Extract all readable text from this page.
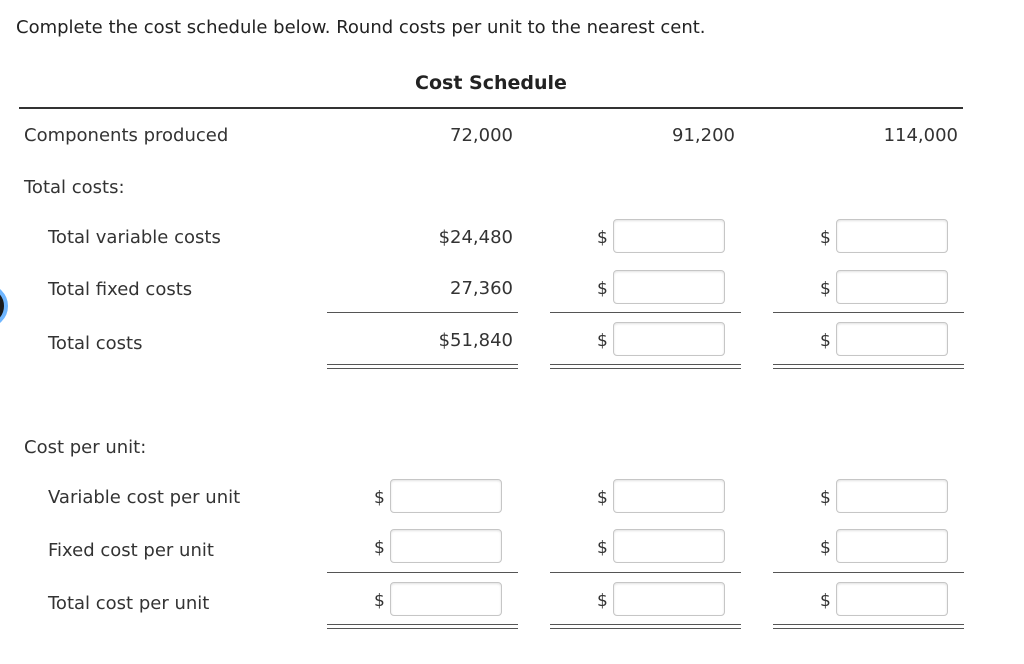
Complete the cost schedule below. Round costs per unit to the nearest cent.
Cost Schedule
Components produced	72,000	91,200	114,000
Total costs:
Total variable costs	$24,480	$	$
Total fixed costs	27,360	$	$
Total costs	$51,840	$	$
Cost per unit:
Variable cost per unit	$	$	$
Fixed cost per unit	$	$	$
Total cost per unit	$	$	$
